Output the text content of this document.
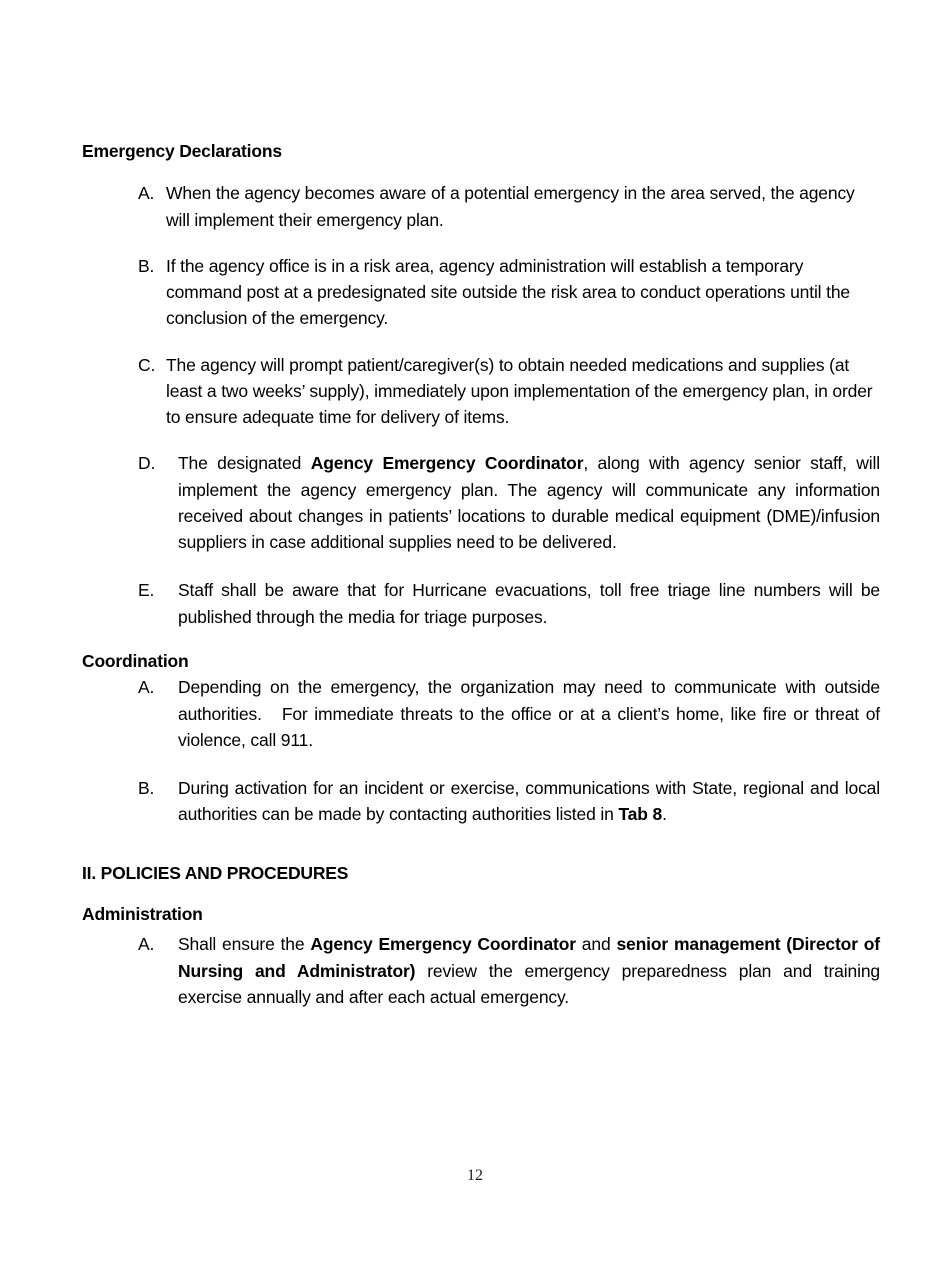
Emergency Declarations
A. When the agency becomes aware of a potential emergency in the area served, the agency will implement their emergency plan.
B. If the agency office is in a risk area, agency administration will establish a temporary command post at a predesignated site outside the risk area to conduct operations until the conclusion of the emergency.
C. The agency will prompt patient/caregiver(s) to obtain needed medications and supplies (at least a two weeks’ supply), immediately upon implementation of the emergency plan, in order to ensure adequate time for delivery of items.
D.	The designated Agency Emergency Coordinator, along with agency senior staff, will implement the agency emergency plan. The agency will communicate any information received about changes in patients’ locations to durable medical equipment (DME)/infusion suppliers in case additional supplies need to be delivered.
E.	Staff shall be aware that for Hurricane evacuations, toll free triage line numbers will be published through the media for triage purposes.
Coordination
A.	Depending on the emergency, the organization may need to communicate with outside authorities. For immediate threats to the office or at a client’s home, like fire or threat of violence, call 911.
B.	During activation for an incident or exercise, communications with State, regional and local authorities can be made by contacting authorities listed in Tab 8.
II. POLICIES AND PROCEDURES
Administration
A.	Shall ensure the Agency Emergency Coordinator and senior management (Director of Nursing and Administrator) review the emergency preparedness plan and training exercise annually and after each actual emergency.
12
